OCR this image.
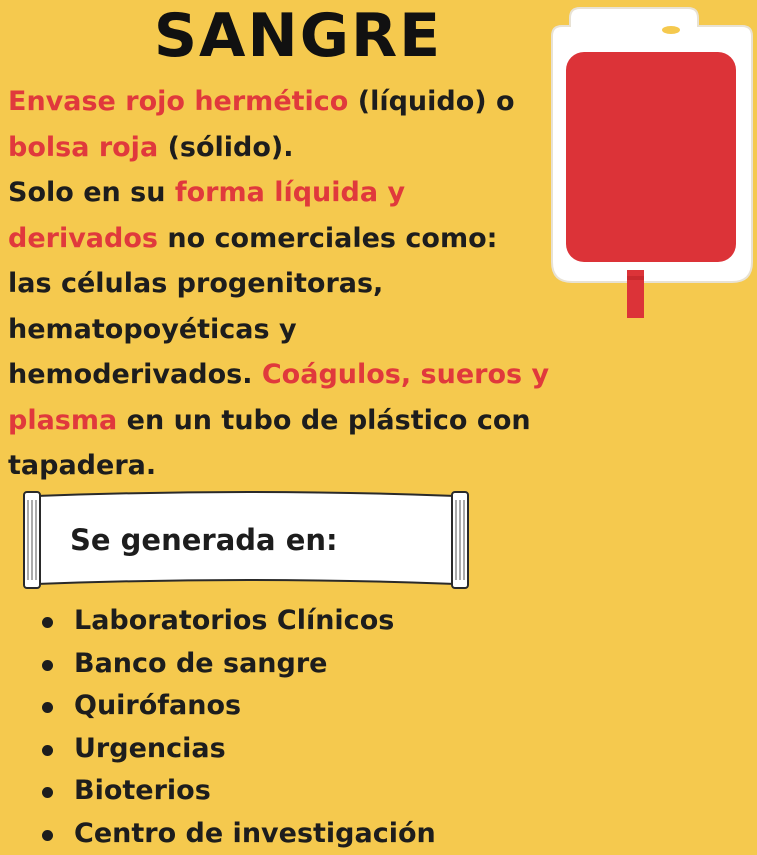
SANGRE
Envase rojo hermético (líquido) o
bolsa roja (sólido).
Solo en su forma líquida y
derivados no comerciales como:
las células progenitoras,
hematopoyéticas y
hemoderivados. Coágulos, sueros y
plasma en un tubo de plástico con
tapadera.
Se generada en:
Laboratorios Clínicos
Banco de sangre
Quirófanos
Urgencias
Bioterios
Centro de investigación
